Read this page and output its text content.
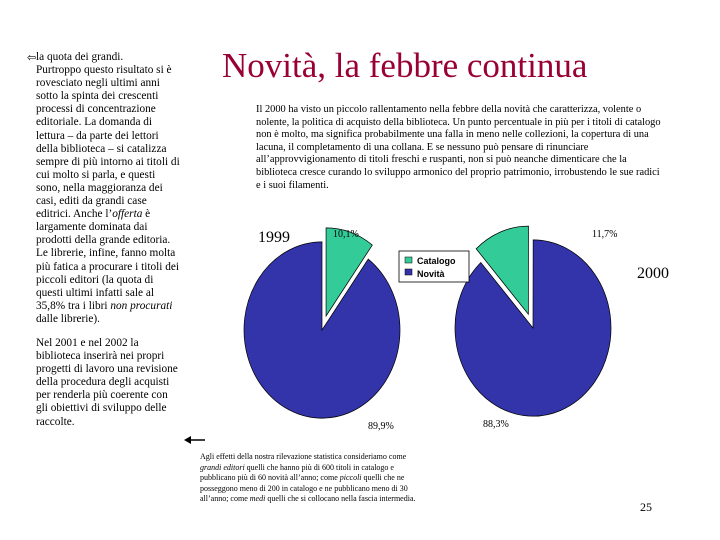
⇦ la quota dei grandi.
Purtroppo questo risultato si è rovesciato negli ultimi anni sotto la spinta dei crescenti processi di concentrazione editoriale. La domanda di lettura – da parte dei lettori della biblioteca – si catalizza sempre di più intorno ai titoli di cui molto si parla, e questi sono, nella maggioranza dei casi, editi da grandi case editrici. Anche l’offerta è largamente dominata dai prodotti della grande editoria. Le librerie, infine, fanno molta più fatica a procurare i titoli dei piccoli editori (la quota di questi ultimi infatti sale al 35,8% tra i libri non procurati dalle librerie).

Nel 2001 e nel 2002 la biblioteca inserirà nei propri progetti di lavoro una revisione della procedura degli acquisti per renderla più coerente con gli obiettivi di sviluppo delle raccolte.

Novità, la febbre continua
Il 2000 ha visto un piccolo rallentamento nella febbre della novità che caratterizza, volente o nolente, la politica di acquisto della biblioteca. Un punto percentuale in più per i titoli di catalogo non è molto, ma significa probabilmente una falla in meno nelle collezioni, la copertura di una lacuna, il completamento di una collana. E se nessuno può pensare di rinunciare all’approvvigionamento di titoli freschi e ruspanti, non si può neanche dimenticare che la biblioteca cresce curando lo sviluppo armonico del proprio patrimonio, irrobustendo le sue radici e i suoi filamenti.
1999	10,1%
89,9%
2000
11,7%
88,3%
Catalogo
Novità
Agli effetti della nostra rilevazione statistica consideriamo come grandi editori quelli che hanno più di 600 titoli in catalogo e pubblicano più di 60 novità all’anno; come piccoli quelli che ne posseggono meno di 200 in catalogo e ne pubblicano meno di 30 all’anno; come medi quelli che si collocano nella fascia intermedia.
25
